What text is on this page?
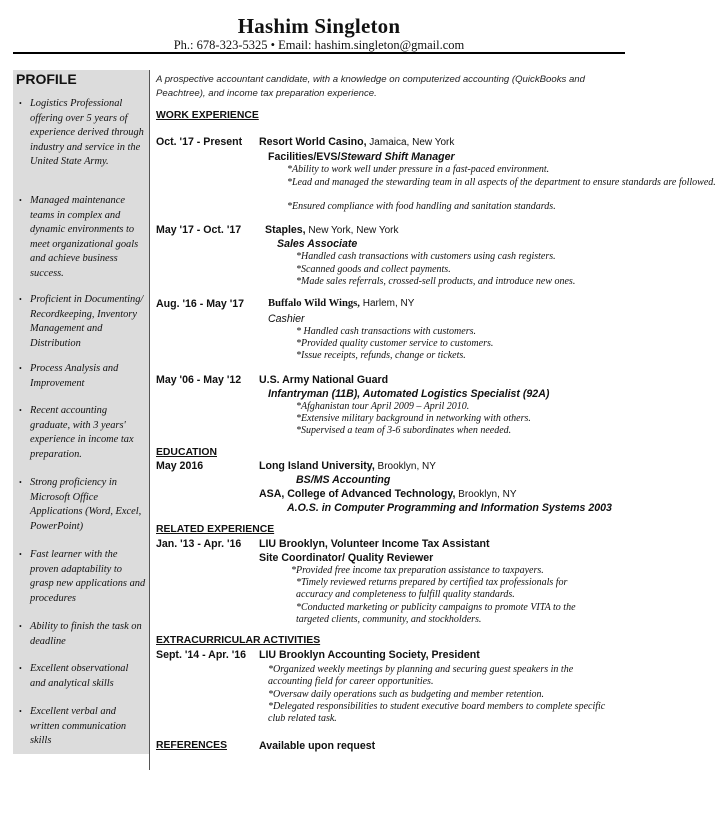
Hashim Singleton
Ph.: 678-323-5325 • Email: hashim.singleton@gmail.com
PROFILE
• Logistics Professional offering over 5 years of experience derived through industry and service in the United State Army.
• Managed maintenance teams in complex and dynamic environments to meet organizational goals and achieve business success.
• Proficient in Documenting/ Recordkeeping, Inventory Management and Distribution
• Process Analysis and Improvement
• Recent accounting graduate, with 3 years' experience in income tax preparation.
• Strong proficiency in Microsoft Office Applications (Word, Excel, PowerPoint)
• Fast learner with the proven adaptability to grasp new applications and procedures
• Ability to finish the task on deadline
• Excellent observational and analytical skills
• Excellent verbal and written communication skills
A prospective accountant candidate, with a knowledge on computerized accounting (QuickBooks and Peachtree), and income tax preparation experience.
WORK EXPERIENCE
Oct. '17 - Present Resort World Casino, Jamaica, New York
Facilities/EVS/Steward Shift Manager
*Ability to work well under pressure in a fast-paced environment.
*Lead and managed the stewarding team in all aspects of the department to ensure standards are followed.
*Ensured compliance with food handling and sanitation standards.
May '17 - Oct. '17 Staples, New York, New York
Sales Associate
*Handled cash transactions with customers using cash registers.
*Scanned goods and collect payments.
*Made sales referrals, crossed-sell products, and introduce new ones.
Aug. '16 - May '17 Buffalo Wild Wings, Harlem, NY
Cashier
* Handled cash transactions with customers.
*Provided quality customer service to customers.
*Issue receipts, refunds, change or tickets.
May '06 - May '12 U.S. Army National Guard
Infantryman (11B), Automated Logistics Specialist (92A)
*Afghanistan tour April 2009 – April 2010.
*Extensive military background in networking with others.
*Supervised a team of 3-6 subordinates when needed.
EDUCATION
May 2016	Long Island University, Brooklyn, NY
BS/MS Accounting
ASA, College of Advanced Technology, Brooklyn, NY
A.O.S. in Computer Programming and Information Systems 2003
RELATED EXPERIENCE
Jan. '13 - Apr. '16 LIU Brooklyn, Volunteer Income Tax Assistant
Site Coordinator/ Quality Reviewer
*Provided free income tax preparation assistance to taxpayers.
*Timely reviewed returns prepared by certified tax professionals for accuracy and completeness to fulfill quality standards.
*Conducted marketing or publicity campaigns to promote VITA to the targeted clients, community, and stockholders.
EXTRACURRICULAR ACTIVITIES
Sept. '14 - Apr. '16 LIU Brooklyn Accounting Society, President
*Organized weekly meetings by planning and securing guest speakers in the accounting field for career opportunities.
*Oversaw daily operations such as budgeting and member retention.
*Delegated responsibilities to student executive board members to complete specific club related task.
REFERENCES	Available upon request
